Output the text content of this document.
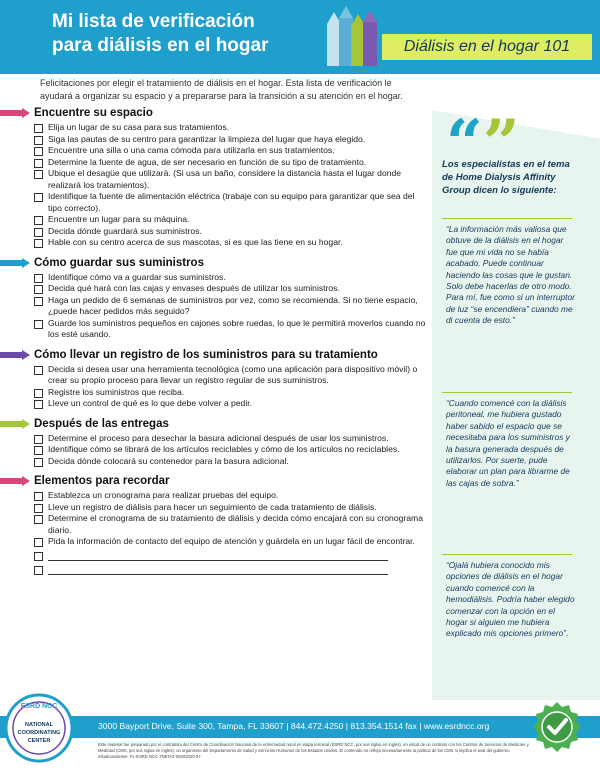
Mi lista de verificación
para diálisis en el hogar	Diálisis en el hogar 101
Felicitaciones por elegir el tratamiento de diálisis en el hogar. Esta lista de verificación le ayudará a organizar su espacio y a prepararse para la transición a su atención en el hogar.
Encuentre su espacio
Elija un lugar de su casa para sus tratamientos.
Siga las pautas de su centro para garantizar la limpieza del lugar que haya elegido.
Encuentre una silla o una cama cómoda para utilizarla en sus tratamientos.
Determine la fuente de agua, de ser necesario en función de su tipo de tratamiento.
Ubique el desagüe que utilizará. (Si usa un baño, considere la distancia hasta el lugar donde realizará los tratamientos).
Identifique la fuente de alimentación eléctrica (trabaje con su equipo para garantizar que sea del tipo correcto).
Encuentre un lugar para su máquina.
Decida dónde guardará sus suministros.
Hable con su centro acerca de sus mascotas, si es que las tiene en su hogar.
Cómo guardar sus suministros
Identifique cómo va a guardar sus suministros.
Decida qué hará con las cajas y envases después de utilizar los suministros.
Haga un pedido de 6 semanas de suministros por vez, como se recomienda. Si no tiene espacio, ¿puede hacer pedidos más seguido?
Guarde los suministros pequeños en cajones sobre ruedas, lo que le permitirá moverlos cuando no los esté usando.
Cómo llevar un registro de los suministros para su tratamiento
Decida si desea usar una herramienta tecnológica (como una aplicación para dispositivo móvil) o crear su propio proceso para llevar un registro regular de sus suministros.
Registre los suministros que reciba.
Lleve un control de qué es lo que debe volver a pedir.
Después de las entregas
Determine el proceso para desechar la basura adicional después de usar los suministros.
Identifique cómo se librará de los artículos reciclables y cómo de los artículos no reciclables.
Decida dónde colocará su contenedor para la basura adicional.
Elementos para recordar
Establezca un cronograma para realizar pruebas del equipo.
Lleve un registro de diálisis para hacer un seguimiento de cada tratamiento de diálisis.
Determine el cronograma de su tratamiento de diálisis y decida cómo encajará con su cronograma diario.
Pida la información de contacto del equipo de atención y guárdela en un lugar fácil de encontrar.
“”
Los especialistas en el tema de Home Dialysis Affinity Group dicen lo siguiente:
“La información más valiosa que obtuve de la diálisis en el hogar fue que mi vida no se había acabado. Puede continuar haciendo las cosas que le gustan. Solo debe hacerlas de otro modo. Para mí, fue como si un interruptor de luz “se encendiera” cuando me di cuenta de esto.”
“Cuando comencé con la diálisis peritoneal, me hubiera gustado haber sabido el espacio que se necesitaba para los suministros y la basura generada después de utilizarlos. Por suerte, pude elaborar un plan para librarme de las cajas de sobra.”
“Ojalá hubiera conocido mis opciones de diálisis en el hogar cuando comencé con la hemodiálisis. Podría haber elegido comenzar con la opción en el hogar si alguien me hubiera explicado mis opciones primero”.
3000 Bayport Drive, Suite 300, Tampa, FL 33607 | 844.472.4250 | 813.354.1514 fax | www.esrdncc.org
Este material fue preparado por el contratista del Centro de Coordinación Nacional de la enfermedad renal en etapa terminal (ESRD NCC, por sus siglas en inglés), en virtud de un contrato con los Centros de Servicios de Medicare y Medicaid (CMS, por sus siglas en inglés), un organismo del Departamento de Salud y Servicios Humanos de los Estados Unidos. El contenido no refleja necesariamente la política de los CMS ni implica el aval del gobierno estadounidense. FL-ESRD NCC-7N5TA2-08202020-07
ESRD NCC
NATIONAL
COORDINATING
CENTER
